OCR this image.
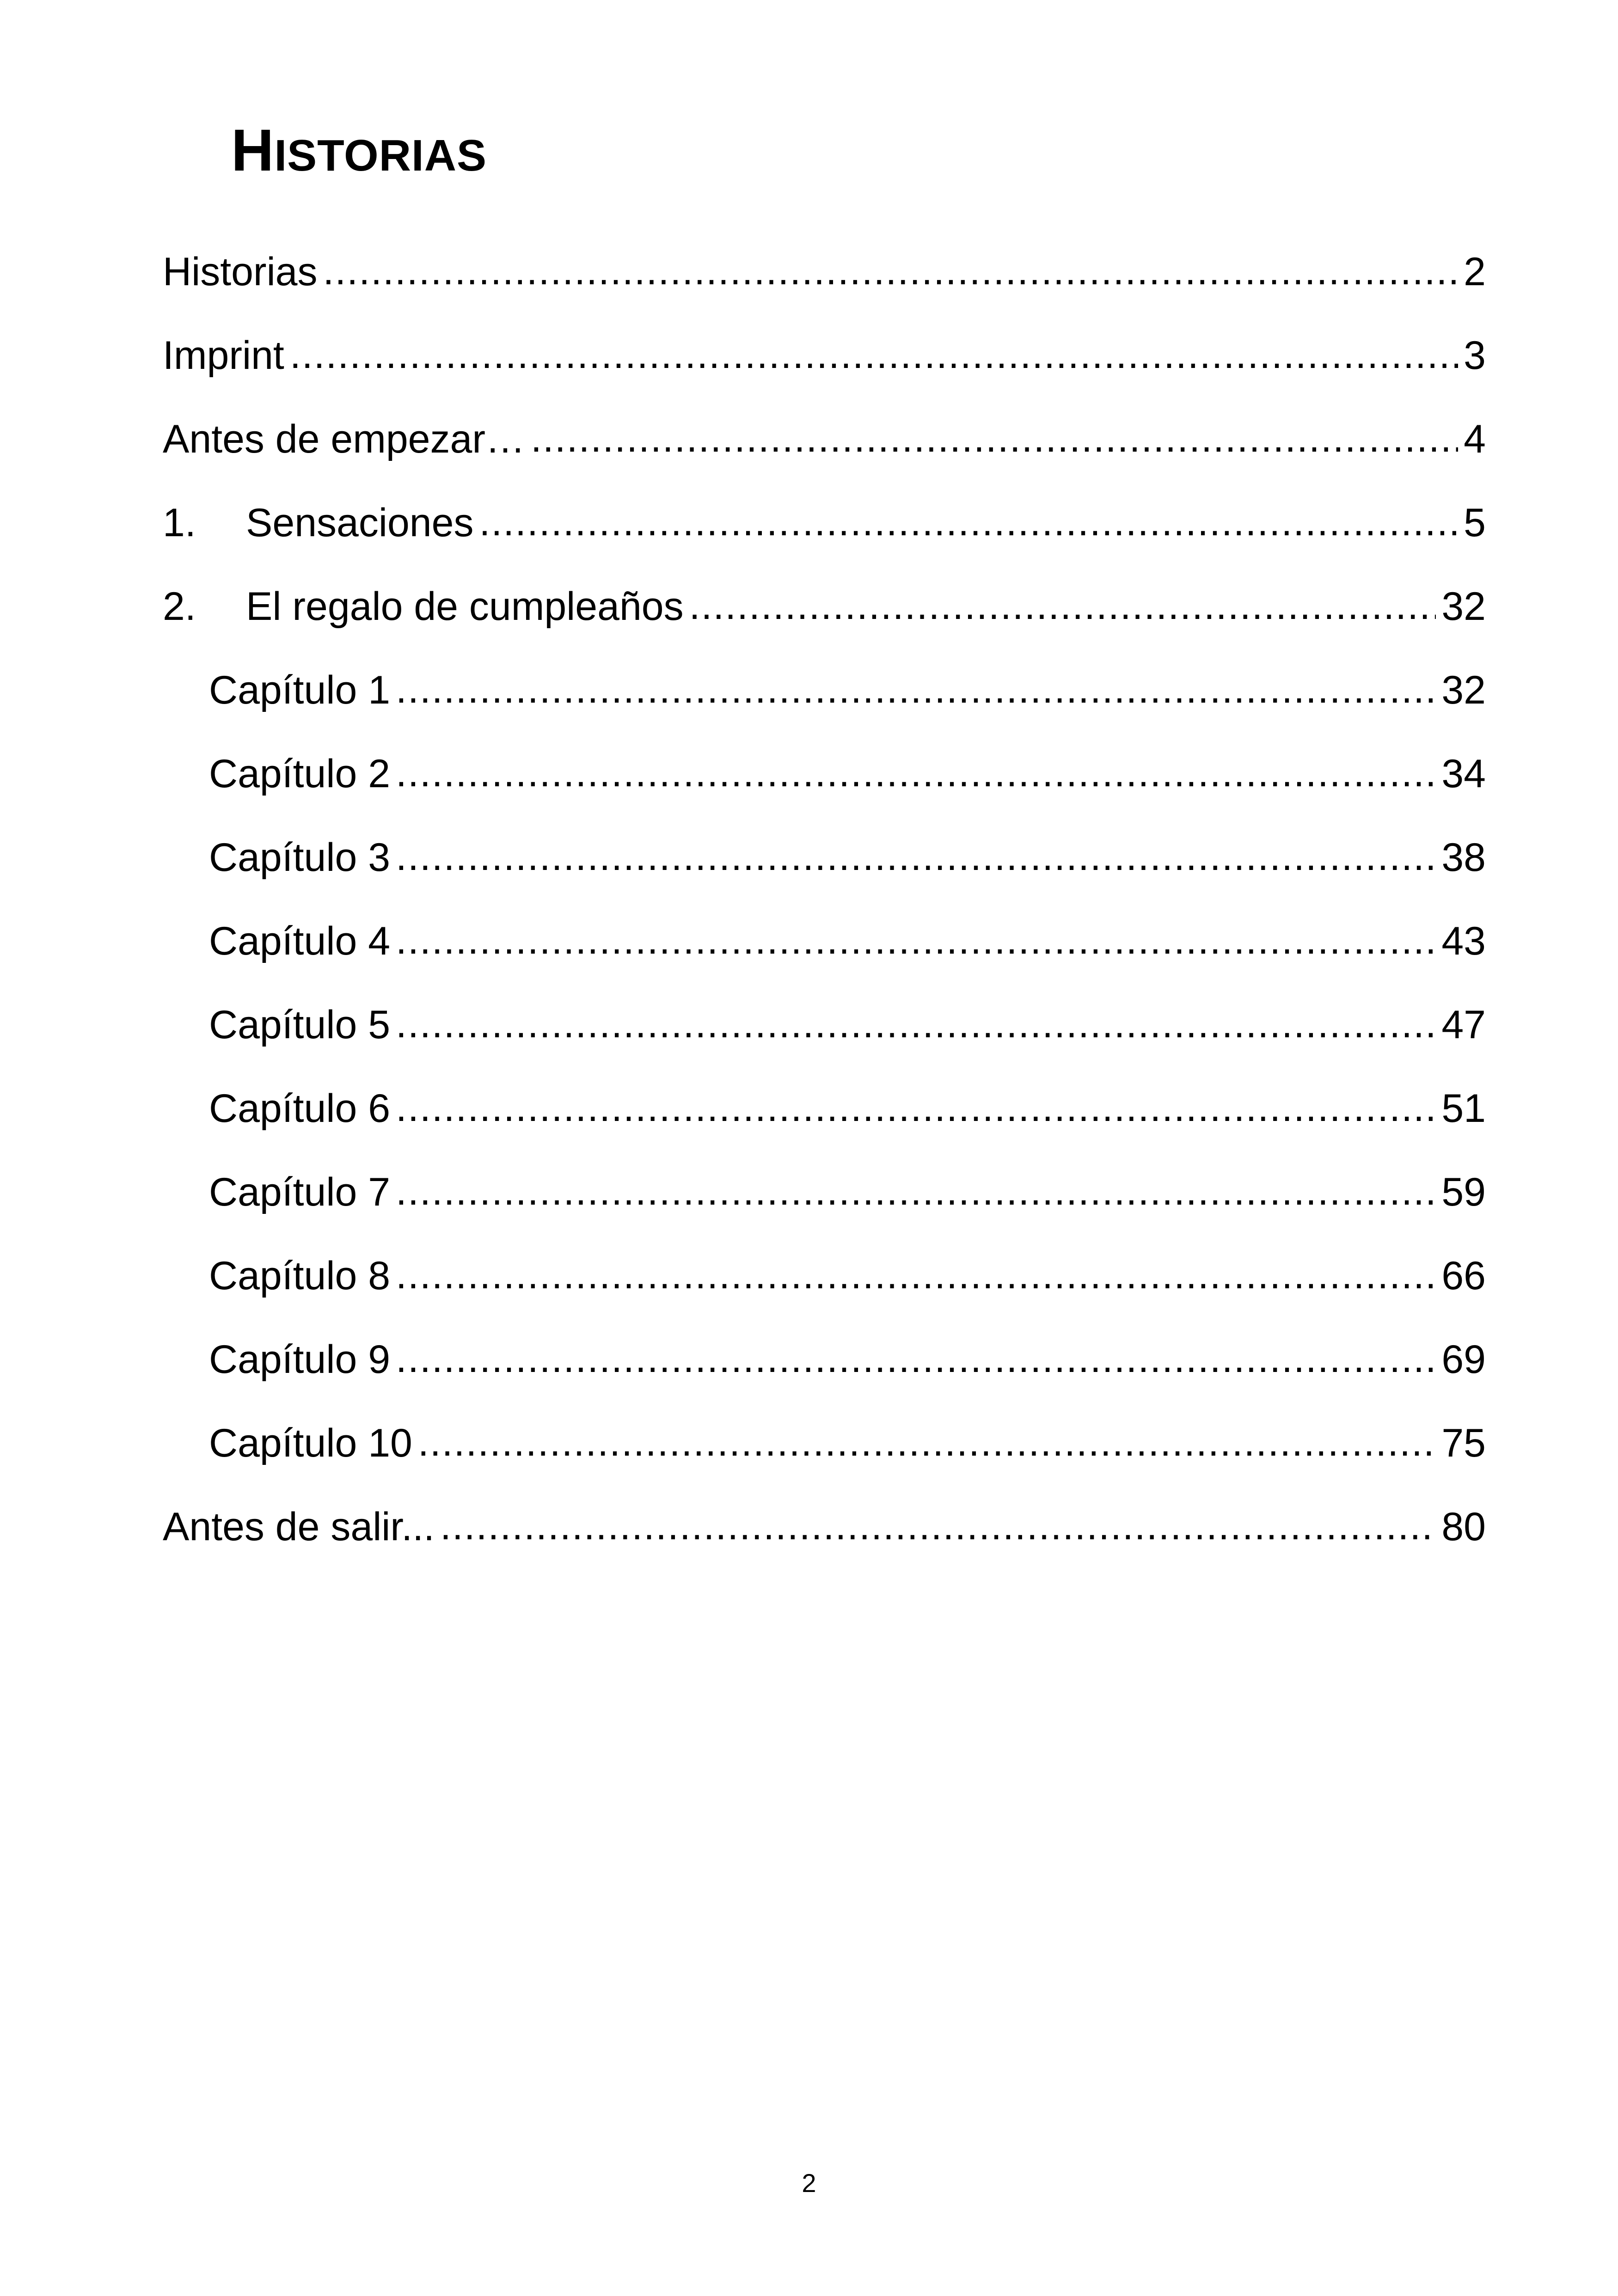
HISTORIAS
Historias .....	2
Imprint .....	3
Antes de empezar… .....	4
1.	Sensaciones .....	5
2.	El regalo de cumpleaños .....	32
Capítulo 1 .....	32
Capítulo 2 .....	34
Capítulo 3 .....	38
Capítulo 4 .....	43
Capítulo 5 .....	47
Capítulo 6 .....	51
Capítulo 7 .....	59
Capítulo 8 .....	66
Capítulo 9 .....	69
Capítulo 10 .....	75
Antes de salir... .....	80
2
